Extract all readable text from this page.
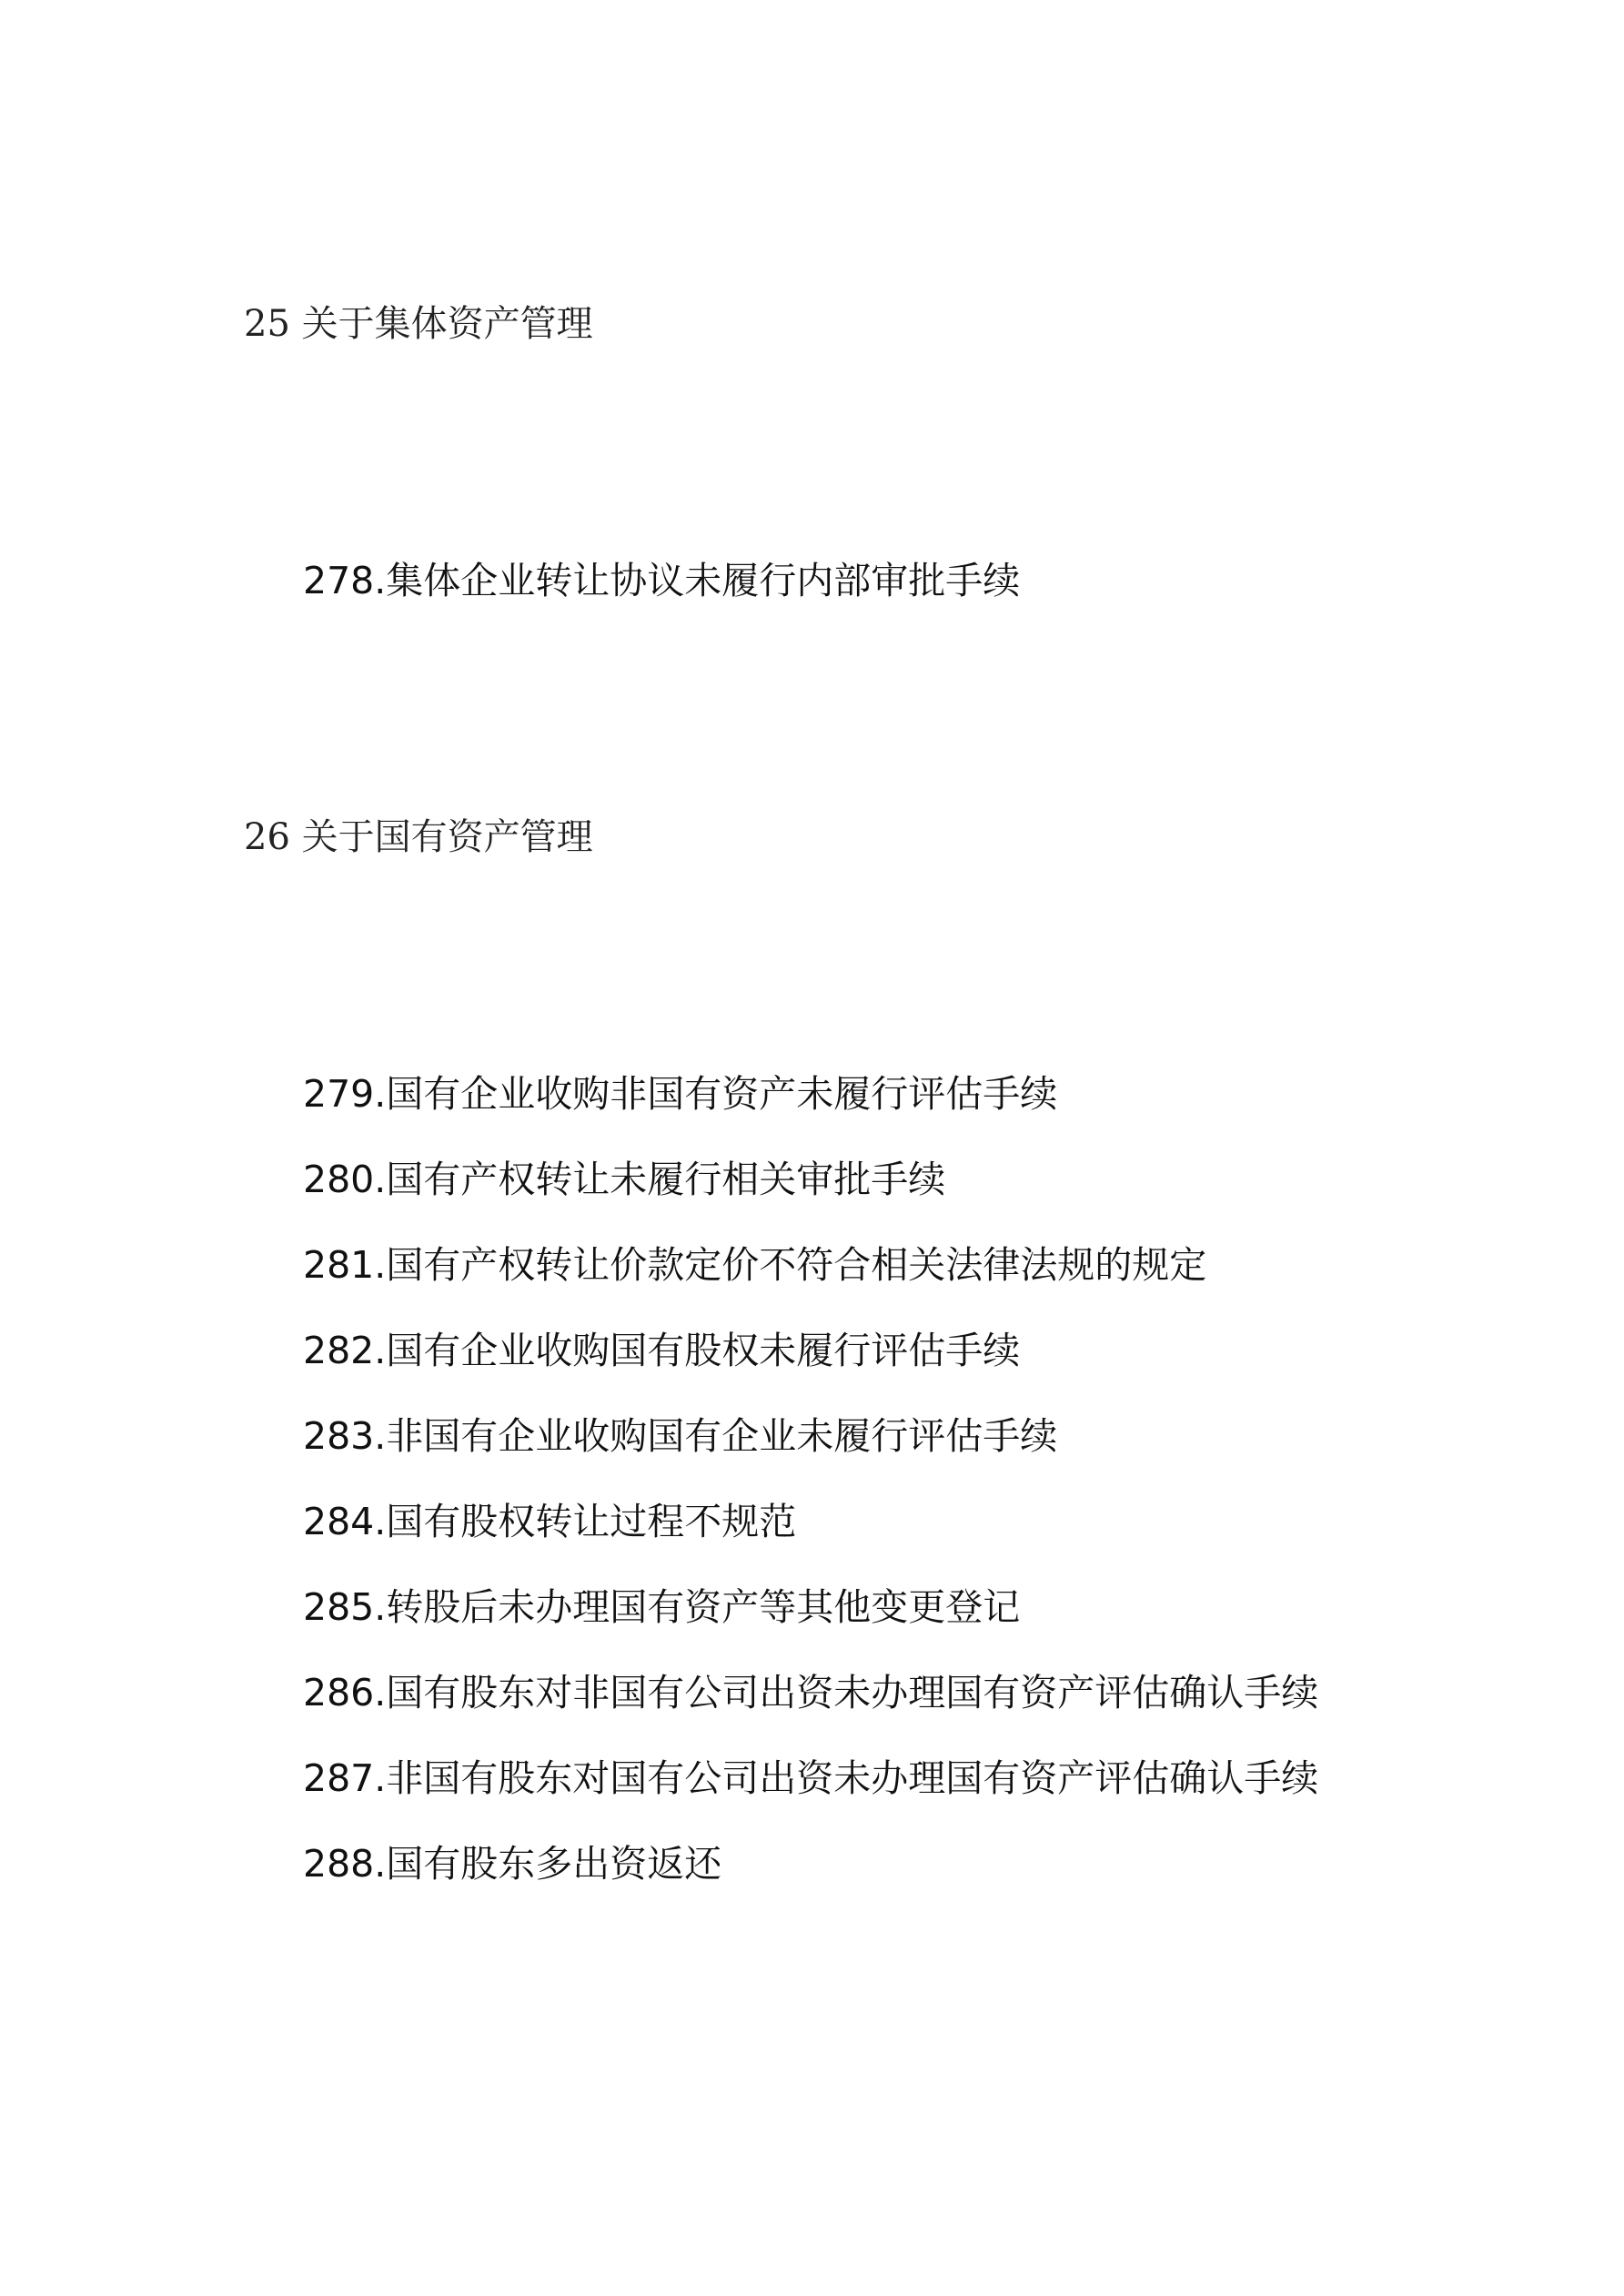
25 关于集体资产管理

278.集体企业转让协议未履行内部审批手续

26 关于国有资产管理

279.国有企业收购非国有资产未履行评估手续

280.国有产权转让未履行相关审批手续

281.国有产权转让价款定价不符合相关法律法规的规定

282.国有企业收购国有股权未履行评估手续

283.非国有企业收购国有企业未履行评估手续

284.国有股权转让过程不规范

285.转股后未办理国有资产等其他变更登记

286.国有股东对非国有公司出资未办理国有资产评估确认手续

287.非国有股东对国有公司出资未办理国有资产评估确认手续

288.国有股东多出资返还
